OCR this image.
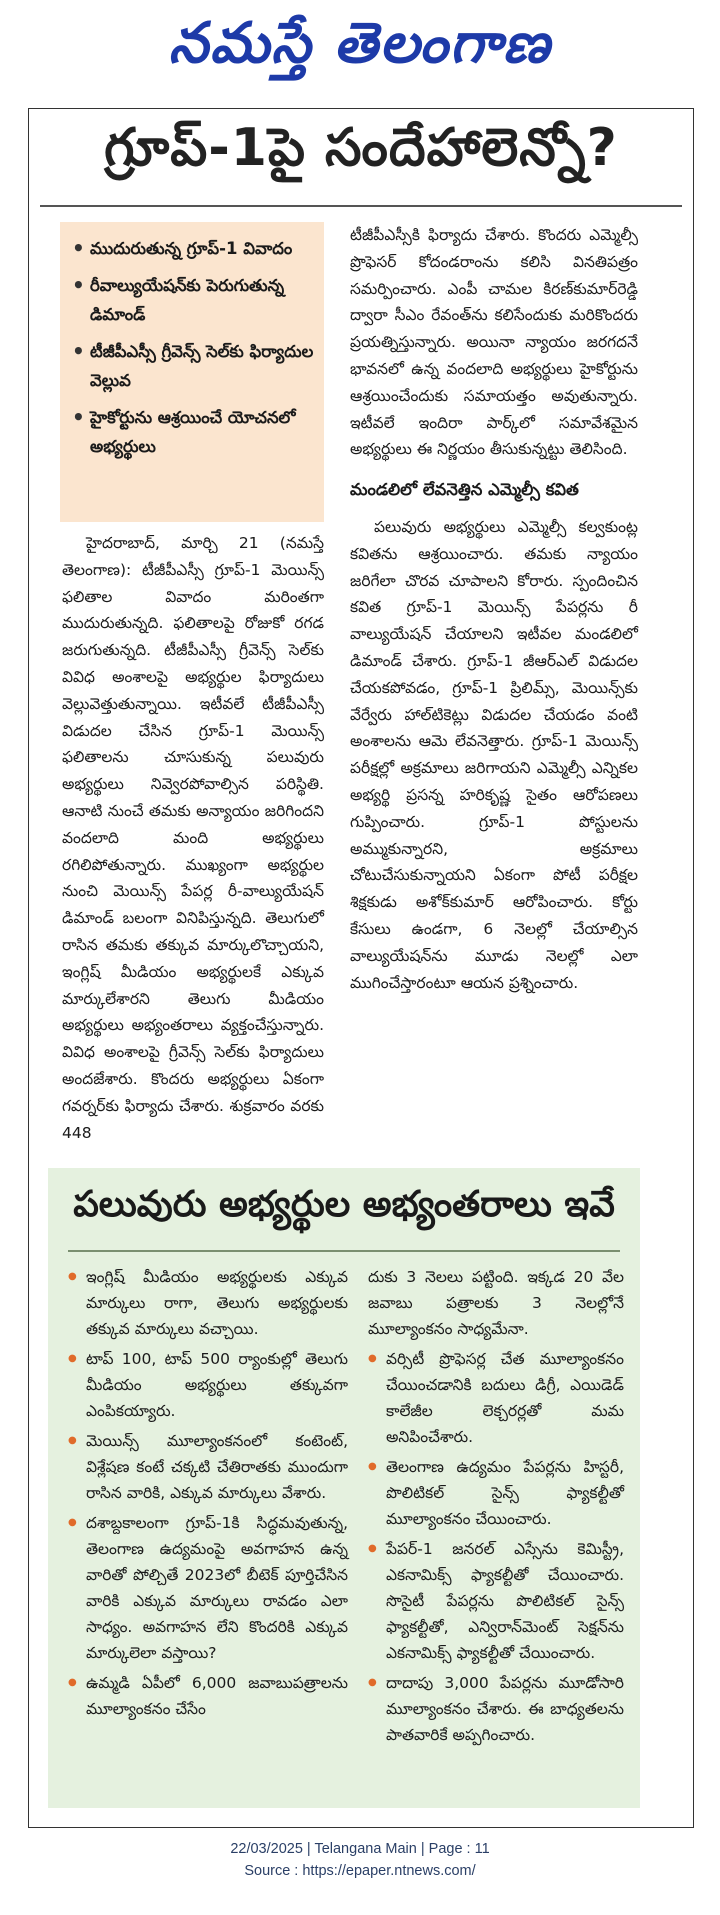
నమస్తే తెలంగాణ
గ్రూప్‌-1పై సందేహాలెన్నో?
• ముదురుతున్న గ్రూప్‌-1 వివాదం
• రీవాల్యుయేషన్‌కు పెరుగుతున్న డిమాండ్‌
• టీజీపీఎస్సీ గ్రీవెన్స్‌ సెల్‌కు ఫిర్యాదుల వెల్లువ
• హైకోర్టును ఆశ్రయించే యోచనలో అభ్యర్థులు

హైదరాబాద్‌, మార్చి 21 (నమస్తే తెలంగాణ): టీజీపీఎస్సీ గ్రూప్‌-1 మెయిన్స్‌ ఫలితాల వివాదం మరింతగా ముదురుతున్నది. ఫలితాలపై రోజుకో రగడ జరుగుతున్నది. టీజీపీఎస్సీ గ్రీవెన్స్‌ సెల్‌కు వివిధ అంశాలపై అభ్యర్థుల ఫిర్యాదులు వెల్లువెత్తుతున్నాయి. ఇటీవలే టీజీపీఎస్సీ విడుదల చేసిన గ్రూప్‌-1 మెయిన్స్‌ ఫలితాలను చూసుకున్న పలువురు అభ్యర్థులు నివ్వెరపోవాల్సిన పరిస్థితి. ఆనాటి నుంచే తమకు అన్యాయం జరిగిందని వందలాది మంది అభ్యర్థులు రగిలిపోతున్నారు. ముఖ్యంగా అభ్యర్థుల నుంచి మెయిన్స్‌ పేపర్ల రీ-వాల్యుయేషన్‌ డిమాండ్‌ బలంగా వినిపిస్తున్నది. తెలుగులో రాసిన తమకు తక్కువ మార్కులొచ్చాయని, ఇంగ్లిష్‌ మీడియం అభ్యర్థులకే ఎక్కువ మార్కులేశారని తెలుగు మీడియం అభ్యర్థులు అభ్యంతరాలు వ్యక్తంచేస్తున్నారు. వివిధ అంశాలపై గ్రీవెన్స్‌ సెల్‌కు ఫిర్యాదులు అందజేశారు. కొందరు అభ్యర్థులు ఏకంగా గవర్నర్‌కు ఫిర్యాదు చేశారు. శుక్రవారం వరకు 448

టీజీపీఎస్సీకి ఫిర్యాదు చేశారు. కొందరు ఎమ్మెల్సీ ప్రొఫెసర్‌ కోదండరాంను కలిసి వినతిపత్రం సమర్పించారు. ఎంపీ చామల కిరణ్‌కుమార్‌రెడ్డి ద్వారా సీఎం రేవంత్‌ను కలిసేందుకు మరికొందరు ప్రయత్నిస్తున్నారు. అయినా న్యాయం జరగదనే భావనలో ఉన్న వందలాది అభ్యర్థులు హైకోర్టును ఆశ్రయించేందుకు సమాయత్తం అవుతున్నారు. ఇటీవలే ఇందిరా పార్క్‌లో సమావేశమైన అభ్యర్థులు ఈ నిర్ణయం తీసుకున్నట్టు తెలిసింది.

మండలిలో లేవనెత్తిన ఎమ్మెల్సీ కవిత

పలువురు అభ్యర్థులు ఎమ్మెల్సీ కల్వకుంట్ల కవితను ఆశ్రయించారు. తమకు న్యాయం జరిగేలా చొరవ చూపాలని కోరారు. స్పందించిన కవిత గ్రూప్‌-1 మెయిన్స్‌ పేపర్లను రీ వాల్యుయేషన్‌ చేయాలని ఇటీవల మండలిలో డిమాండ్‌ చేశారు. గ్రూప్‌-1 జీఆర్‌ఎల్‌ విడుదల చేయకపోవడం, గ్రూప్‌-1 ప్రిలిమ్స్‌, మెయిన్స్‌కు వేర్వేరు హాల్‌టికెట్లు విడుదల చేయడం వంటి అంశాలను ఆమె లేవనెత్తారు. గ్రూప్‌-1 మెయిన్స్‌ పరీక్షల్లో అక్రమాలు జరిగాయని ఎమ్మెల్సీ ఎన్నికల అభ్యర్థి ప్రసన్న హరికృష్ణ సైతం ఆరోపణలు గుప్పించారు. గ్రూప్‌-1 పోస్టులను అమ్ముకున్నారని, అక్రమాలు చోటుచేసుకున్నాయని ఏకంగా పోటీ పరీక్షల శిక్షకుడు అశోక్‌కుమార్‌ ఆరోపించారు. కోర్టు కేసులు ఉండగా, 6 నెలల్లో చేయాల్సిన వాల్యుయేషన్‌ను మూడు నెలల్లో ఎలా ముగించేస్తారంటూ ఆయన ప్రశ్నించారు.

పలువురు అభ్యర్థుల అభ్యంతరాలు ఇవే
● ఇంగ్లిష్‌ మీడియం అభ్యర్థులకు ఎక్కువ మార్కులు రాగా, తెలుగు అభ్యర్థులకు తక్కువ మార్కులు వచ్చాయి.
● టాప్‌ 100, టాప్‌ 500 ర్యాంకుల్లో తెలుగు మీడియం అభ్యర్థులు తక్కువగా ఎంపికయ్యారు.
● మెయిన్స్‌ మూల్యాంకనంలో కంటెంట్‌, విశ్లేషణ కంటే చక్కటి చేతిరాతకు ముందుగా రాసిన వారికి, ఎక్కువ మార్కులు వేశారు.
● దశాబ్దకాలంగా గ్రూప్‌-1కి సిద్ధమవుతున్న, తెలంగాణ ఉద్యమంపై అవగాహన ఉన్న వారితో పోల్చితే 2023లో బీటెక్‌ పూర్తిచేసిన వారికి ఎక్కువ మార్కులు రావడం ఎలా సాధ్యం. అవగాహన లేని కొందరికి ఎక్కువ మార్కులెలా వస్తాయి?
● ఉమ్మడి ఏపీలో 6,000 జవాబుపత్రాలను మూల్యాంకనం చేసేం
దుకు 3 నెలలు పట్టింది. ఇక్కడ 20 వేల జవాబు పత్రాలకు 3 నెలల్లోనే మూల్యాంకనం సాధ్యమేనా.
● వర్సిటీ ప్రొఫెసర్ల చేత మూల్యాంకనం చేయించడానికి బదులు డిగ్రీ, ఎయిడెడ్‌ కాలేజీల లెక్చరర్లతో మమ అనిపించేశారు.
● తెలంగాణ ఉద్యమం పేపర్లను హిస్టరీ, పొలిటికల్‌ సైన్స్‌ ఫ్యాకల్టీతో మూల్యాంకనం చేయించారు.
● పేపర్‌-1 జనరల్‌ ఎస్సేను కెమిస్ట్రీ, ఎకనామిక్స్‌ ఫ్యాకల్టీతో చేయించారు. సొసైటీ పేపర్లను పొలిటికల్‌ సైన్స్‌ ఫ్యాకల్టీతో, ఎన్విరాన్‌మెంట్‌ సెక్షన్‌ను ఎకనామిక్స్‌ ఫ్యాకల్టీతో చేయించారు.
● దాదాపు 3,000 పేపర్లను మూడోసారి మూల్యాంకనం చేశారు. ఈ బాధ్యతలను పాతవారికే అప్పగించారు.
22/03/2025 | Telangana Main | Page : 11
Source : https://epaper.ntnews.com/
